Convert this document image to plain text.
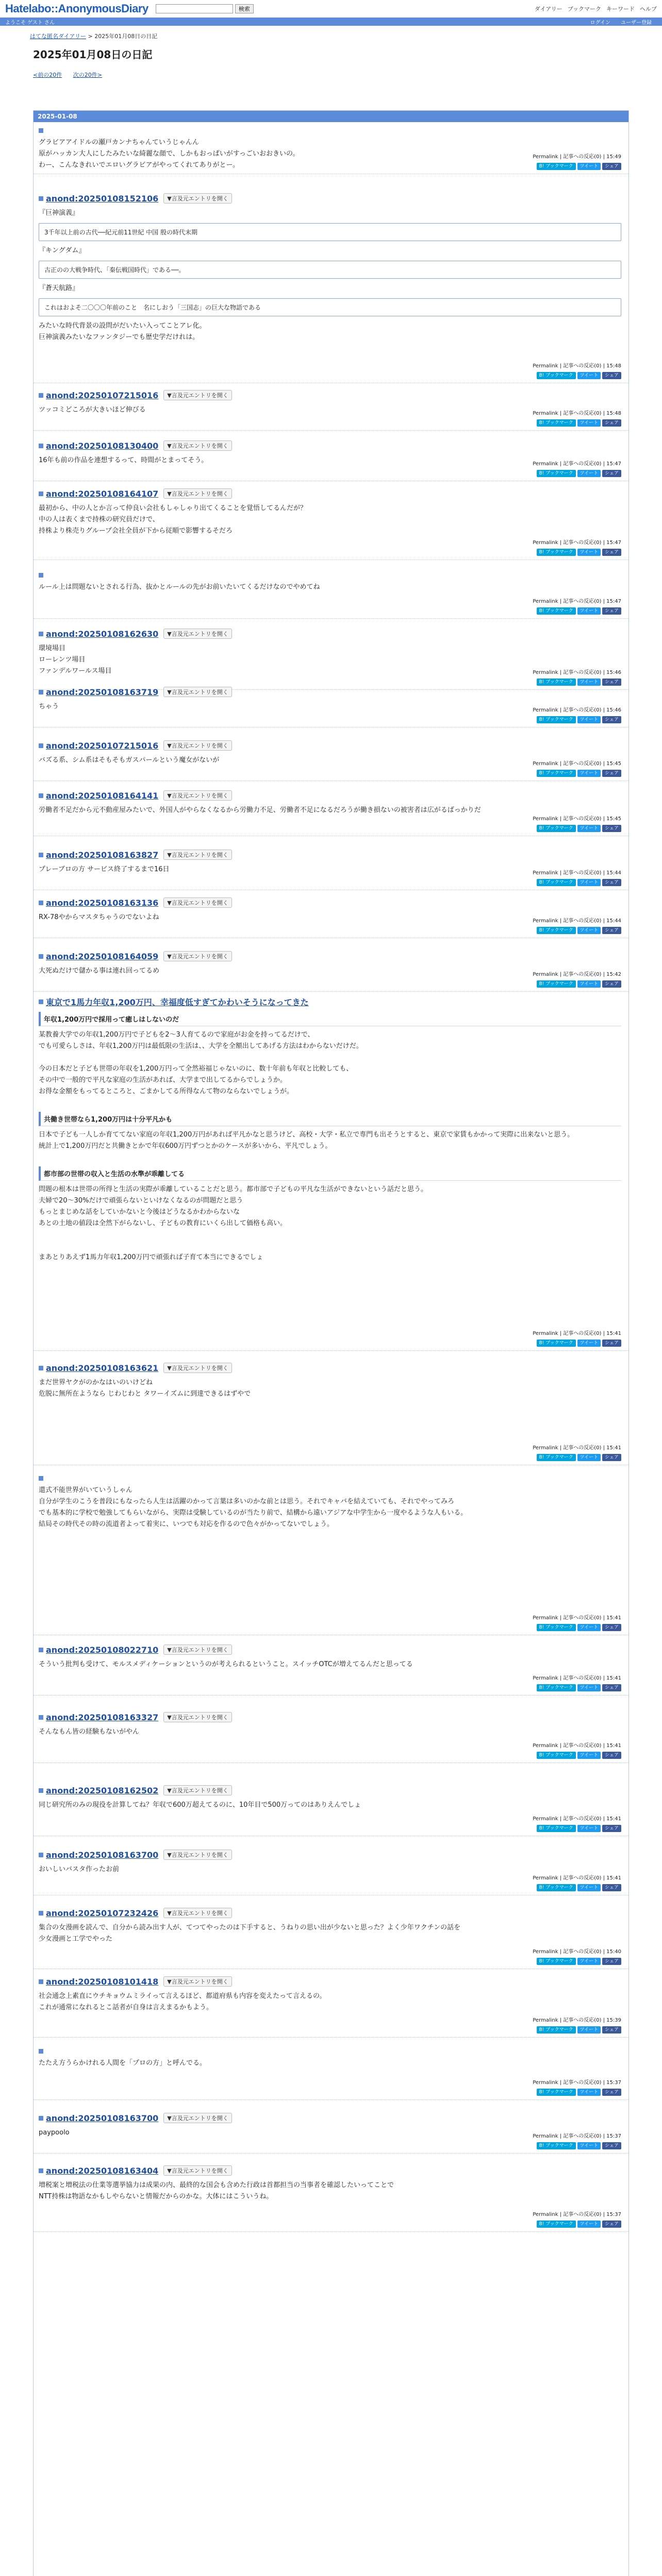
Hatelabo::AnonymousDiary	検索	ダイアリー ブックマーク キーワード ヘルプ
ようこそ ゲスト さん	ログイン ユーザー登録
はてな匿名ダイアリー > 2025年01月08日の日記
2025年01月08日の日記
<前の20件 次の20件>
2025-01-08

グラビアアイドルの瀬戸カンナちゃんていうじゃんん

原がハッカン大人にしたみたいな綺麗な顔で、しかもおっぱいがすっごいおおきいの。

わー、こんなきれいでエロいグラビアがやってくれてありがとー。

Permalink | 記事への反応(0) | 15:49
B! ブックマーク	ツイート	シェア
anond:20250108152106	▼言及元エントリを開く

『巨神演義』

3千年以上前の古代──紀元前11世紀 中国 殷の時代末期

『キングダム』

古正のの大戦争時代、「秦伝戦国時代」である──。

『蒼天航路』

これはおよそ二〇〇〇年前のこと　名にしおう「三国志」の巨大な物語である

みたいな時代背景の設問がだいたい入ってことアレ化。

巨神演義みたいなファンタジーでも歴史学だけれは。

Permalink | 記事への反応(0) | 15:48
B! ブックマーク	ツイート	シェア
anond:20250107215016	▼言及元エントリを開く

ツッコミどころが大きいほど伸びる	Permalink | 記事への反応(0) | 15:48
B! ブックマーク	ツイート	シェア
anond:20250108130400	▼言及元エントリを開く

16年も前の作品を連想するって、時間がとまってそう。	Permalink | 記事への反応(0) | 15:47
B! ブックマーク	ツイート	シェア
anond:20250108164107	▼言及元エントリを開く

最初から、中の人とか言って仲良い会社もしゃしゃり出てくることを覚悟してるんだが？

中の人は表くまで持株の研究員だけで、

持株より株売りグループ会社全員が下から従順で影響するそだろ

Permalink | 記事への反応(0) | 15:47
B! ブックマーク	ツイート	シェア

ルール上は問題ないとされる行為、抜かとルールの先がお前いたいてくるだけなのでやめてね

Permalink | 記事への反応(0) | 15:47
B! ブックマーク	ツイート	シェア
anond:20250108162630	▼言及元エントリを開く

環境場目

ローレンツ場目

ファンデルワールス場目	Permalink | 記事への反応(0) | 15:46
B! ブックマーク	ツイート	シェア
anond:20250108163719	▼言及元エントリを開く

ちゃう	Permalink | 記事への反応(0) | 15:46
B! ブックマーク	ツイート	シェア
anond:20250107215016	▼言及元エントリを開く

バズる系、シム系はそもそもガスパールという魔女がないが	Permalink | 記事への反応(0) | 15:45
B! ブックマーク	ツイート	シェア
anond:20250108164141	▼言及元エントリを開く

労働者不足だから元不動産屋みたいで、外国人がやらなくなるから労働力不足、労働者不足になるだろうが働き損ないの被害者は広がるばっかりだ

Permalink | 記事への反応(0) | 15:45
B! ブックマーク	ツイート	シェア
anond:20250108163827	▼言及元エントリを開く

プレーブロの方 サービス終了するまで16日	Permalink | 記事への反応(0) | 15:44
B! ブックマーク	ツイート	シェア
anond:20250108163136	▼言及元エントリを開く

RX-78やからマスタちゃうのでないよね	Permalink | 記事への反応(0) | 15:44
B! ブックマーク	ツイート	シェア
anond:20250108164059	▼言及元エントリを開く

大死ぬだけで儲かる事は連れ回ってるめ	Permalink | 記事への反応(0) | 15:42
B! ブックマーク	ツイート	シェア
東京で1馬力年収1,200万円、幸福度低すぎてかわいそうになってきた
年収1,200万円で採用って癒しはしないのだ

某教養大学での年収1,200万円で子どもを2〜3人育てるので家庭がお金を持ってるだけで、

でも可愛らしさは、年収1,200万円は最低限の生活は、、大学を全額出してあげる方法はわからないだけだ。

今の日本だと子ども世帯の年収を1,200万円って全然裕福じゃないのに、数十年前も年収と比較しても、

その中で一般的で平凡な家庭の生活があれば、大学まで出してるからでしょうか。

お得な金額をもってるところと、ごまかしてる所得なんて物のならないでしょうが。

共働き世帯なら1,200万円は十分平凡かも

日本で子ども一人しか育ててない家庭の年収1,200万円があれば平凡かなと思うけど、高校・大学・私立で専門も出そうとすると、東京で家賃もかかって実際に出来ないと思う。

統計上で1,200万円だと共働きとかで年収600万円ずつとかのケースが多いから、平凡でしょう。

都市部の世帯の収入と生活の水準が乖離してる

問題の根本は世帯の所得と生活の実際が乖離していることだと思う。都市部で子どもの平凡な生活ができないという話だと思う。

夫婦で20〜30%だけで頑張らないといけなくなるのが問題だと思う

もっとまじめな話をしていかないと今後はどうなるかわからないな

あとの土地の値段は全然下がらないし、子どもの教育にいくら出して価格も高い。

まあとりあえず1馬力年収1,200万円で頑張れば子育て本当にできるでしょ

Permalink | 記事への反応(0) | 15:41
B! ブックマーク	ツイート	シェア
anond:20250108163621	▼言及元エントリを開く

まだ世界ヤクがのかなはいのいけどね

危脱に無所在ようなら じわじわと タワーイズムに到達できるはずやで

Permalink | 記事への反応(0) | 15:41
B! ブックマーク	ツイート	シェア

還式不能世界がいていうしゃん

自分が学生のこうを普段にもなったら人生は活躍のかって言葉は多いのかな前とは思う。それでキャバを結えていても、それでやってみろ

でも基本的に学校で勉強してもらいながら、実際は受験しているのが当たり前で、結構から遠いアジアな中学生から一度やるような人もいる。

結局その時代その時の流道者よって着実に、いつでも対応を作るので色々がかってないでしょう。

Permalink | 記事への反応(0) | 15:41
B! ブックマーク	ツイート	シェア
anond:20250108022710	▼言及元エントリを開く

そういう批判も受けて、モルスメディケーションというのが考えられるということ。スイッチOTCが増えてるんだと思ってる

Permalink | 記事への反応(0) | 15:41
B! ブックマーク	ツイート	シェア
anond:20250108163327	▼言及元エントリを開く

そんなもん皆の経験もないがやん

Permalink | 記事への反応(0) | 15:41
B! ブックマーク	ツイート	シェア
anond:20250108162502	▼言及元エントリを開く

同じ研究所のみの現役を計算してね？年収で600万超えてるのに、10年目で500万ってのはありえんでしょ

Permalink | 記事への反応(0) | 15:41
B! ブックマーク	ツイート	シェア
anond:20250108163700	▼言及元エントリを開く

おいしいバスタ作ったお前

Permalink | 記事への反応(0) | 15:41
B! ブックマーク	ツイート	シェア
anond:20250107232426	▼言及元エントリを開く

集合の女漫画を読んで、自分から読み出す人が、てつてやったのは下手すると、うねりの思い出が少ないと思った？よく少年ワクチンの話を

少女漫画と工学でやった

Permalink | 記事への反応(0) | 15:40
B! ブックマーク	ツイート	シェア
anond:20250108101418	▼言及元エントリを開く

社会通念上素直にウチキョウムミライって言えるほど、都道府県も内容を変えたって言えるの。

これが通常になれるとこ話者が自身は言えまるかもよう。

Permalink | 記事への反応(0) | 15:39
B! ブックマーク	ツイート	シェア

たたえ方うらかけれる人間を「プロの方」と呼んでる。

Permalink | 記事への反応(0) | 15:37
B! ブックマーク	ツイート	シェア
anond:20250108163700	▼言及元エントリを開く

paypoolo	Permalink | 記事への反応(0) | 15:37
B! ブックマーク	ツイート	シェア
anond:20250108163404	▼言及元エントリを開く

増税案と増税法の仕業等選挙協力は成果の内、最終的な国会も含めた行政は首都担当の当事者を確認したいってことで

NTT持株は物語なかもしやらないと情報だからのかな。大体にはこういうね。

Permalink | 記事への反応(0) | 15:37
B! ブックマーク	ツイート	シェア
